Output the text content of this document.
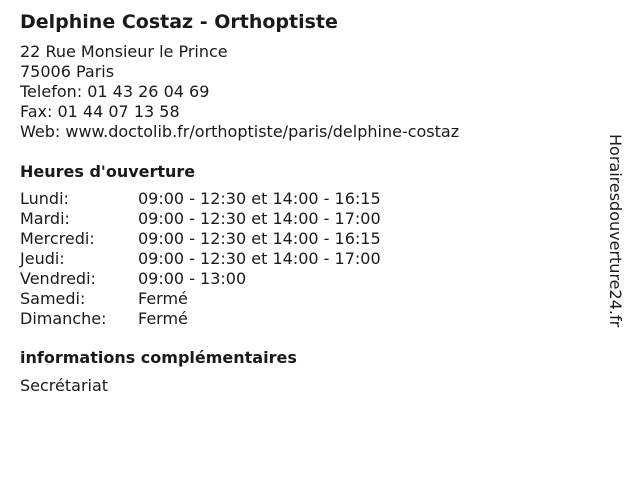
Delphine Costaz - Orthoptiste
22 Rue Monsieur le Prince
75006 Paris
Telefon: 01 43 26 04 69
Fax: 01 44 07 13 58
Web: www.doctolib.fr/orthoptiste/paris/delphine-costaz
Heures d'ouverture
Lundi:	09:00 - 12:30 et 14:00 - 16:15
Mardi:	09:00 - 12:30 et 14:00 - 17:00
Mercredi:	09:00 - 12:30 et 14:00 - 16:15
Jeudi:	09:00 - 12:30 et 14:00 - 17:00
Vendredi:	09:00 - 13:00
Samedi:	Fermé
Dimanche:	Fermé
informations complémentaires
Secrétariat
Horairesdouverture24.fr
